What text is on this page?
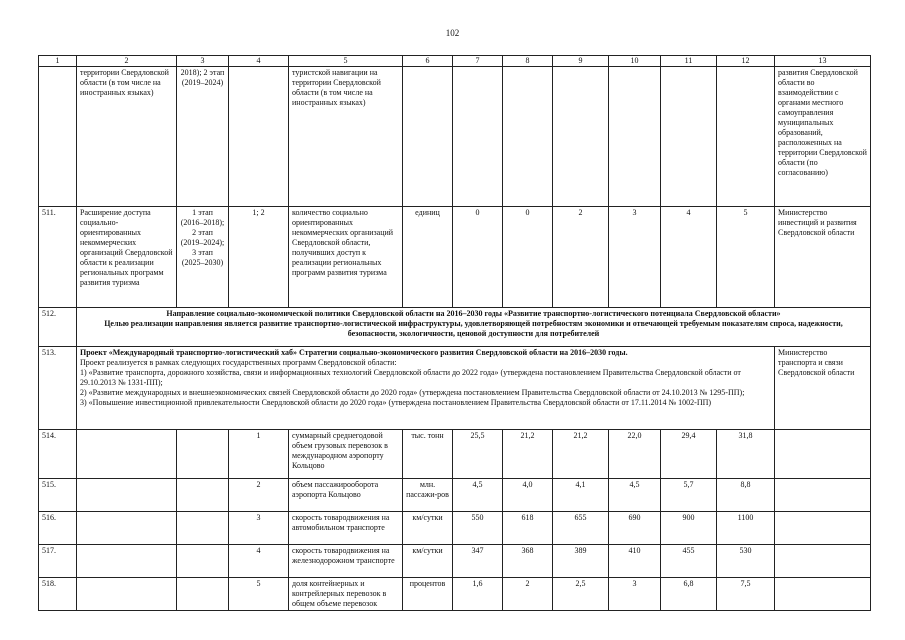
102
1	2	3	4	5	6	7	8	9	10	11	12	13
	территории Свердловской области (в том числе на иностранных языках)	2018); 2 этап (2019–2024)		туристской навигации на территории Свердловской области (в том числе на иностранных языках)								развития Свердловской области во взаимодействии с органами местного самоуправления муниципальных образований, расположенных на территории Свердловской области (по согласованию)
511.	Расширение доступа социально-ориентированных некоммерческих организаций Свердловской области к реализации региональных программ развития туризма	1 этап (2016–2018); 2 этап (2019–2024); 3 этап (2025–2030)	1; 2	количество социально ориентированных некоммерческих организаций Свердловской области, получивших доступ к реализации региональных программ развития туризма	единиц	0	0	2	3	4	5	Министерство инвестиций и развития Свердловской области
512.	Направление социально-экономической политики Свердловской области на 2016–2030 годы «Развитие транспортно-логистического потенциала Свердловской области»
Целью реализации направления является развитие транспортно-логистической инфраструктуры, удовлетворяющей потребностям экономики и отвечающей требуемым показателям спроса, надежности, безопасности, экологичности, ценовой доступности для потребителей											

513.	Проект «Международный транспортно-логистический хаб» Стратегии социально-экономического развития Свердловской области на 2016–2030 годы.
Проект реализуется в рамках следующих государственных программ Свердловской области:
1) «Развитие транспорта, дорожного хозяйства, связи и информационных технологий Свердловской области до 2022 года» (утверждена постановлением Правительства Свердловской области от 29.10.2013 № 1331-ПП);
2) «Развитие международных и внешнеэкономических связей Свердловской области до 2020 года» (утверждена постановлением Правительства Свердловской области от 24.10.2013 № 1295-ПП);
3) «Повышение инвестиционной привлекательности Свердловской области до 2020 года» (утверждена постановлением Правительства Свердловской области от 17.11.2014 № 1002-ПП)											Министерство транспорта и связи Свердловской области
514.			1	суммарный среднегодовой объем грузовых перевозок в международном аэропорту Кольцово	тыс. тонн	25,5	21,2	21,2	22,0	29,4	31,8	
515.			2	объем пассажирооборота аэропорта Кольцово	млн. пассажи-ров	4,5	4,0	4,1	4,5	5,7	8,8	
516.			3	скорость товародвижения на автомобильном транспорте	км/сутки	550	618	655	690	900	1100	
517.			4	скорость товародвижения на железнодорожном транспорте	км/сутки	347	368	389	410	455	530	
518.			5	доля контейнерных и контрейлерных перевозок в общем объеме перевозок	процентов	1,6	2	2,5	3	6,8	7,5	
